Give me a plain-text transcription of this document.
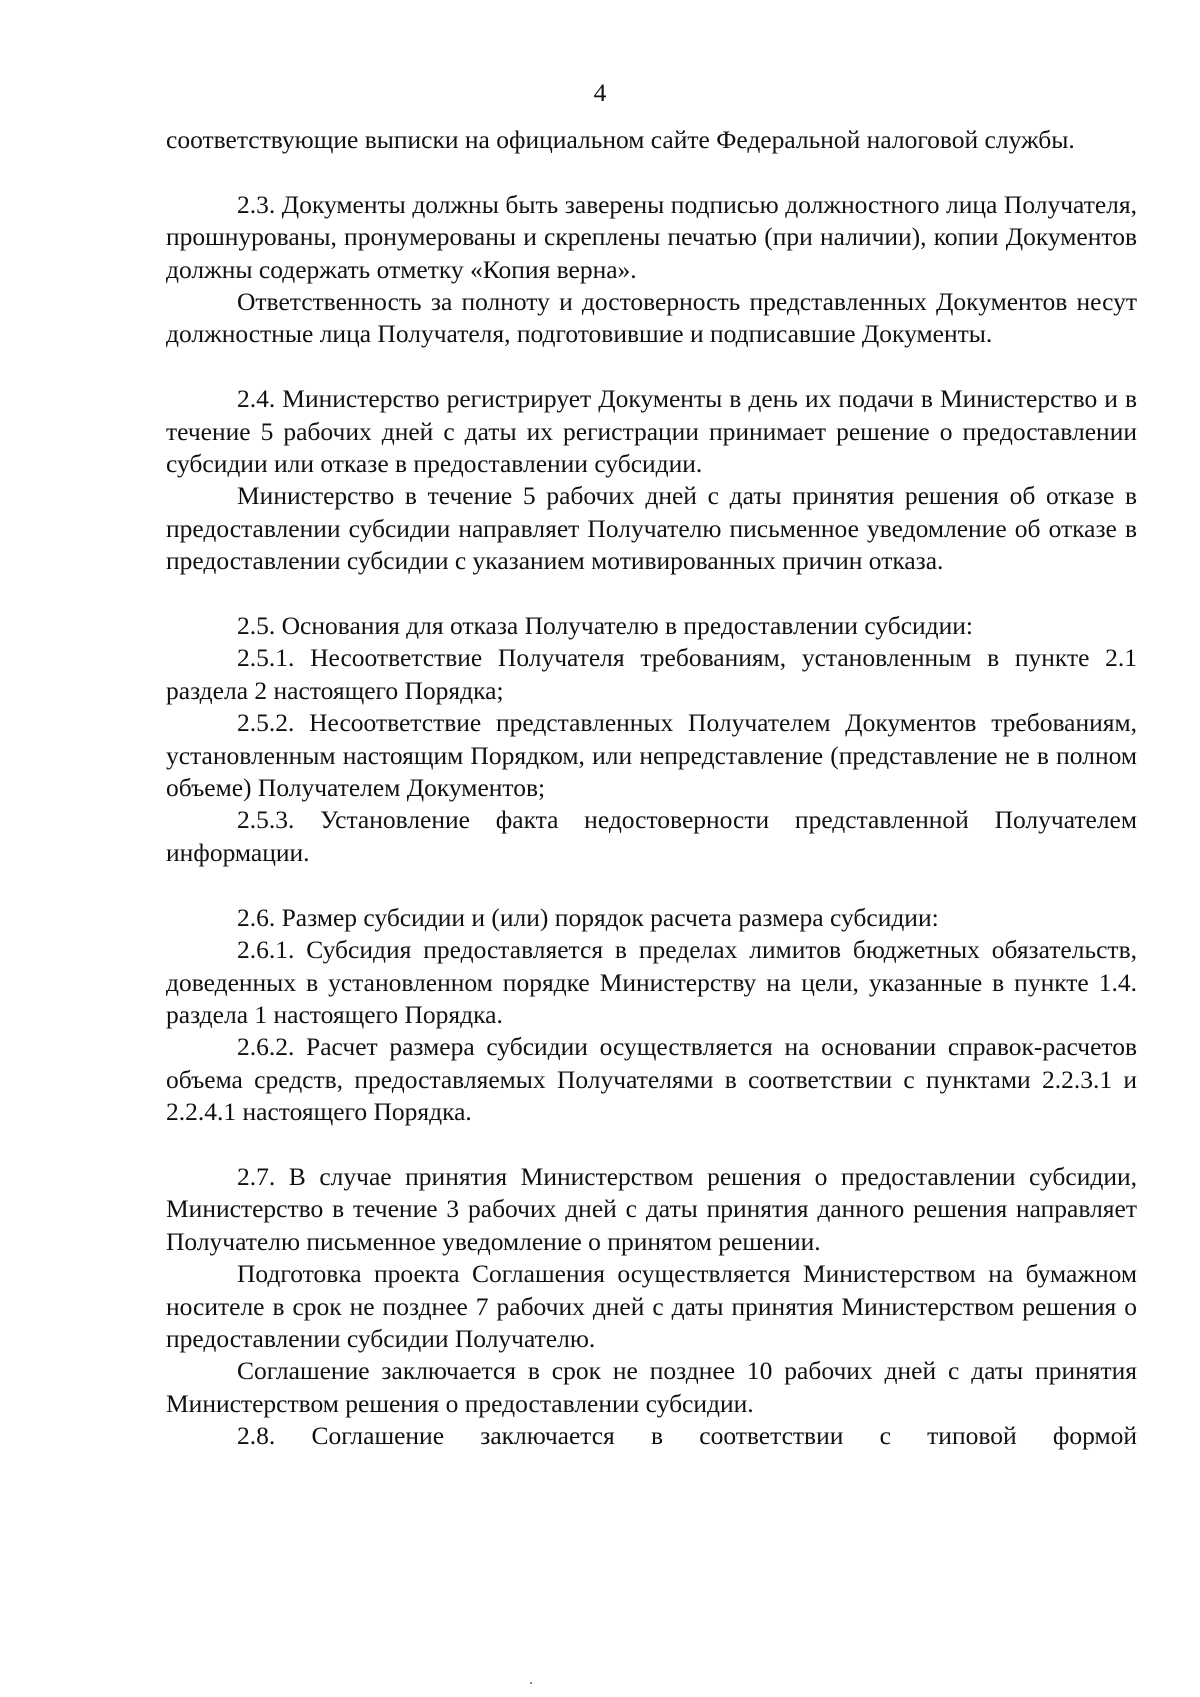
4

соответствующие выписки на официальном сайте Федеральной налоговой службы.

2.3. Документы должны быть заверены подписью должностного лица Получателя, прошнурованы, пронумерованы и скреплены печатью (при наличии), копии Документов должны содержать отметку «Копия верна».

Ответственность за полноту и достоверность представленных Документов несут должностные лица Получателя, подготовившие и подписавшие Документы.

2.4. Министерство регистрирует Документы в день их подачи в Министерство и в течение 5 рабочих дней с даты их регистрации принимает решение о предоставлении субсидии или отказе в предоставлении субсидии.

Министерство в течение 5 рабочих дней с даты принятия решения об отказе в предоставлении субсидии направляет Получателю письменное уведомление об отказе в предоставлении субсидии с указанием мотивированных причин отказа.

2.5. Основания для отказа Получателю в предоставлении субсидии:

2.5.1. Несоответствие Получателя требованиям, установленным в пункте 2.1 раздела 2 настоящего Порядка;

2.5.2. Несоответствие представленных Получателем Документов требованиям, установленным настоящим Порядком, или непредставление (представление не в полном объеме) Получателем Документов;

2.5.3. Установление факта недостоверности представленной Получателем информации.

2.6. Размер субсидии и (или) порядок расчета размера субсидии:

2.6.1. Субсидия предоставляется в пределах лимитов бюджетных обязательств, доведенных в установленном порядке Министерству на цели, указанные в пункте 1.4. раздела 1 настоящего Порядка.

2.6.2. Расчет размера субсидии осуществляется на основании справок-расчетов объема средств, предоставляемых Получателями в соответствии с пунктами 2.2.3.1 и 2.2.4.1 настоящего Порядка.

2.7. В случае принятия Министерством решения о предоставлении субсидии, Министерство в течение 3 рабочих дней с даты принятия данного решения направляет Получателю письменное уведомление о принятом решении.

Подготовка проекта Соглашения осуществляется Министерством на бумажном носителе в срок не позднее 7 рабочих дней с даты принятия Министерством решения о предоставлении субсидии Получателю.

Соглашение заключается в срок не позднее 10 рабочих дней с даты принятия Министерством решения о предоставлении субсидии.

2.8. Соглашение заключается в соответствии с типовой формой
